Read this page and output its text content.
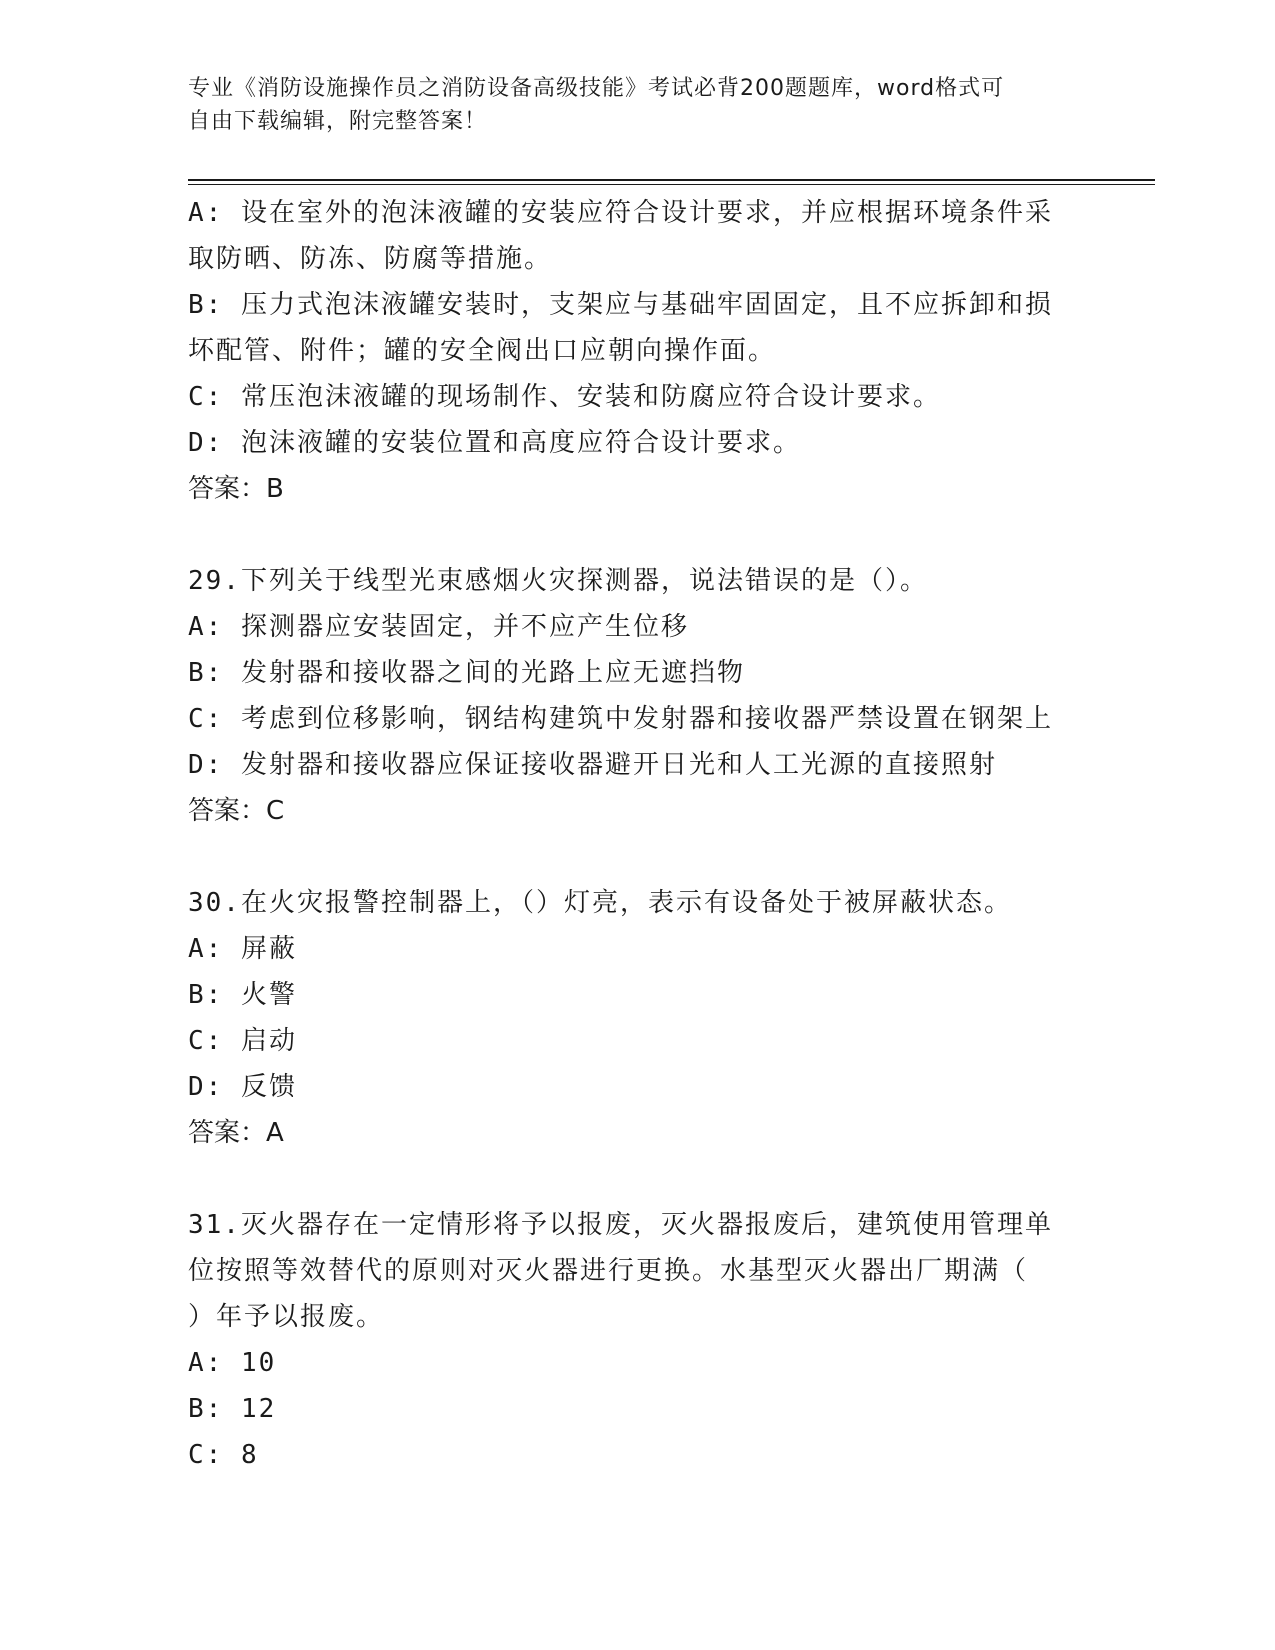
专业《消防设施操作员之消防设备高级技能》考试必背200题题库，word格式可
自由下载编辑，附完整答案！
A: 设在室外的泡沫液罐的安装应符合设计要求，并应根据环境条件采
取防晒、防冻、防腐等措施。
B: 压力式泡沫液罐安装时，支架应与基础牢固固定，且不应拆卸和损
坏配管、附件；罐的安全阀出口应朝向操作面。
C: 常压泡沫液罐的现场制作、安装和防腐应符合设计要求。
D: 泡沫液罐的安装位置和高度应符合设计要求。
答案：B
29.下列关于线型光束感烟火灾探测器，说法错误的是（）。
A: 探测器应安装固定，并不应产生位移
B: 发射器和接收器之间的光路上应无遮挡物
C: 考虑到位移影响，钢结构建筑中发射器和接收器严禁设置在钢架上
D: 发射器和接收器应保证接收器避开日光和人工光源的直接照射
答案：C
30.在火灾报警控制器上，（）灯亮，表示有设备处于被屏蔽状态。
A: 屏蔽
B: 火警
C: 启动
D: 反馈
答案：A
31.灭火器存在一定情形将予以报废，灭火器报废后，建筑使用管理单
位按照等效替代的原则对灭火器进行更换。水基型灭火器出厂期满（
）年予以报废。
A: 10
B: 12
C: 8
